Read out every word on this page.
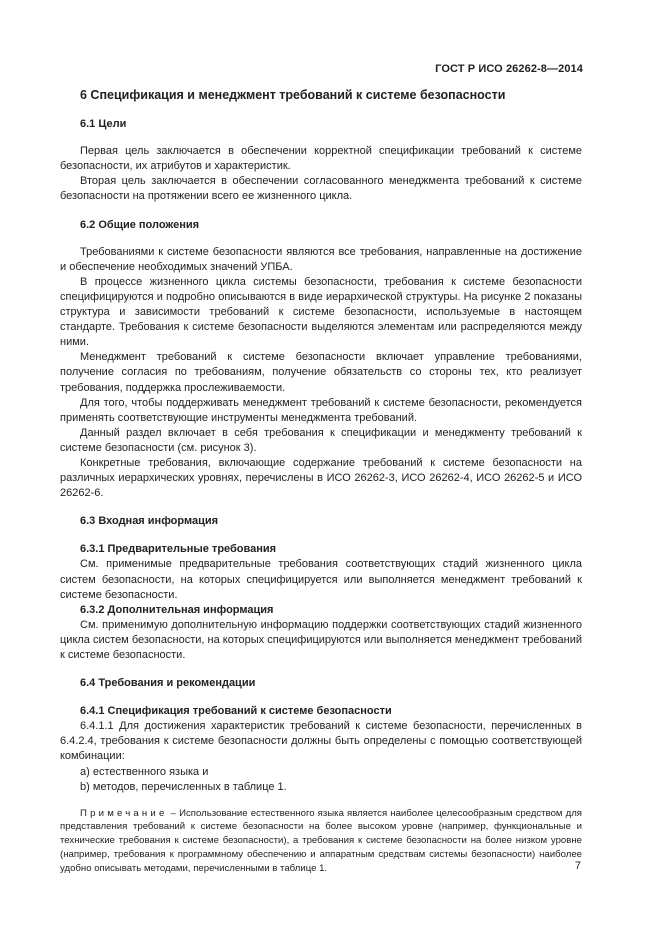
ГОСТ Р ИСО 26262-8—2014

6 Спецификация и менеджмент требований к системе безопасности

6.1 Цели

Первая цель заключается в обеспечении корректной спецификации требований к системе безопасности, их атрибутов и характеристик.

Вторая цель заключается в обеспечении согласованного менеджмента требований к системе безопасности на протяжении всего ее жизненного цикла.

6.2 Общие положения

Требованиями к системе безопасности являются все требования, направленные на достижение и обеспечение необходимых значений УПБА.

В процессе жизненного цикла системы безопасности, требования к системе безопасности специфицируются и подробно описываются в виде иерархической структуры. На рисунке 2 показаны структура и зависимости требований к системе безопасности, используемые в настоящем стандарте. Требования к системе безопасности выделяются элементам или распределяются между ними.

Менеджмент требований к системе безопасности включает управление требованиями, получение согласия по требованиям, получение обязательств со стороны тех, кто реализует требования, поддержка прослеживаемости.

Для того, чтобы поддерживать менеджмент требований к системе безопасности, рекомендуется применять соответствующие инструменты менеджмента требований.

Данный раздел включает в себя требования к спецификации и менеджменту требований к системе безопасности (см. рисунок 3).

Конкретные требования, включающие содержание требований к системе безопасности на различных иерархических уровнях, перечислены в ИСО 26262-3, ИСО 26262-4, ИСО 26262-5 и ИСО 26262-6.

6.3 Входная информация

6.3.1 Предварительные требования

См. применимые предварительные требования соответствующих стадий жизненного цикла систем безопасности, на которых специфицируется или выполняется менеджмент требований к системе безопасности.

6.3.2 Дополнительная информация

См. применимую дополнительную информацию поддержки соответствующих стадий жизненного цикла систем безопасности, на которых специфицируются или выполняется менеджмент требований к системе безопасности.

6.4 Требования и рекомендации

6.4.1 Спецификация требований к системе безопасности

6.4.1.1 Для достижения характеристик требований к системе безопасности, перечисленных в 6.4.2.4, требования к системе безопасности должны быть определены с помощью соответствующей комбинации:

a) естественного языка и

b) методов, перечисленных в таблице 1.

Примечание – Использование естественного языка является наиболее целесообразным средством для представления требований к системе безопасности на более высоком уровне (например, функциональные и технические требования к системе безопасности), а требования к системе безопасности на более низком уровне (например, требования к программному обеспечению и аппаратным средствам системы безопасности) наиболее удобно описывать методами, перечисленными в таблице 1.	7
